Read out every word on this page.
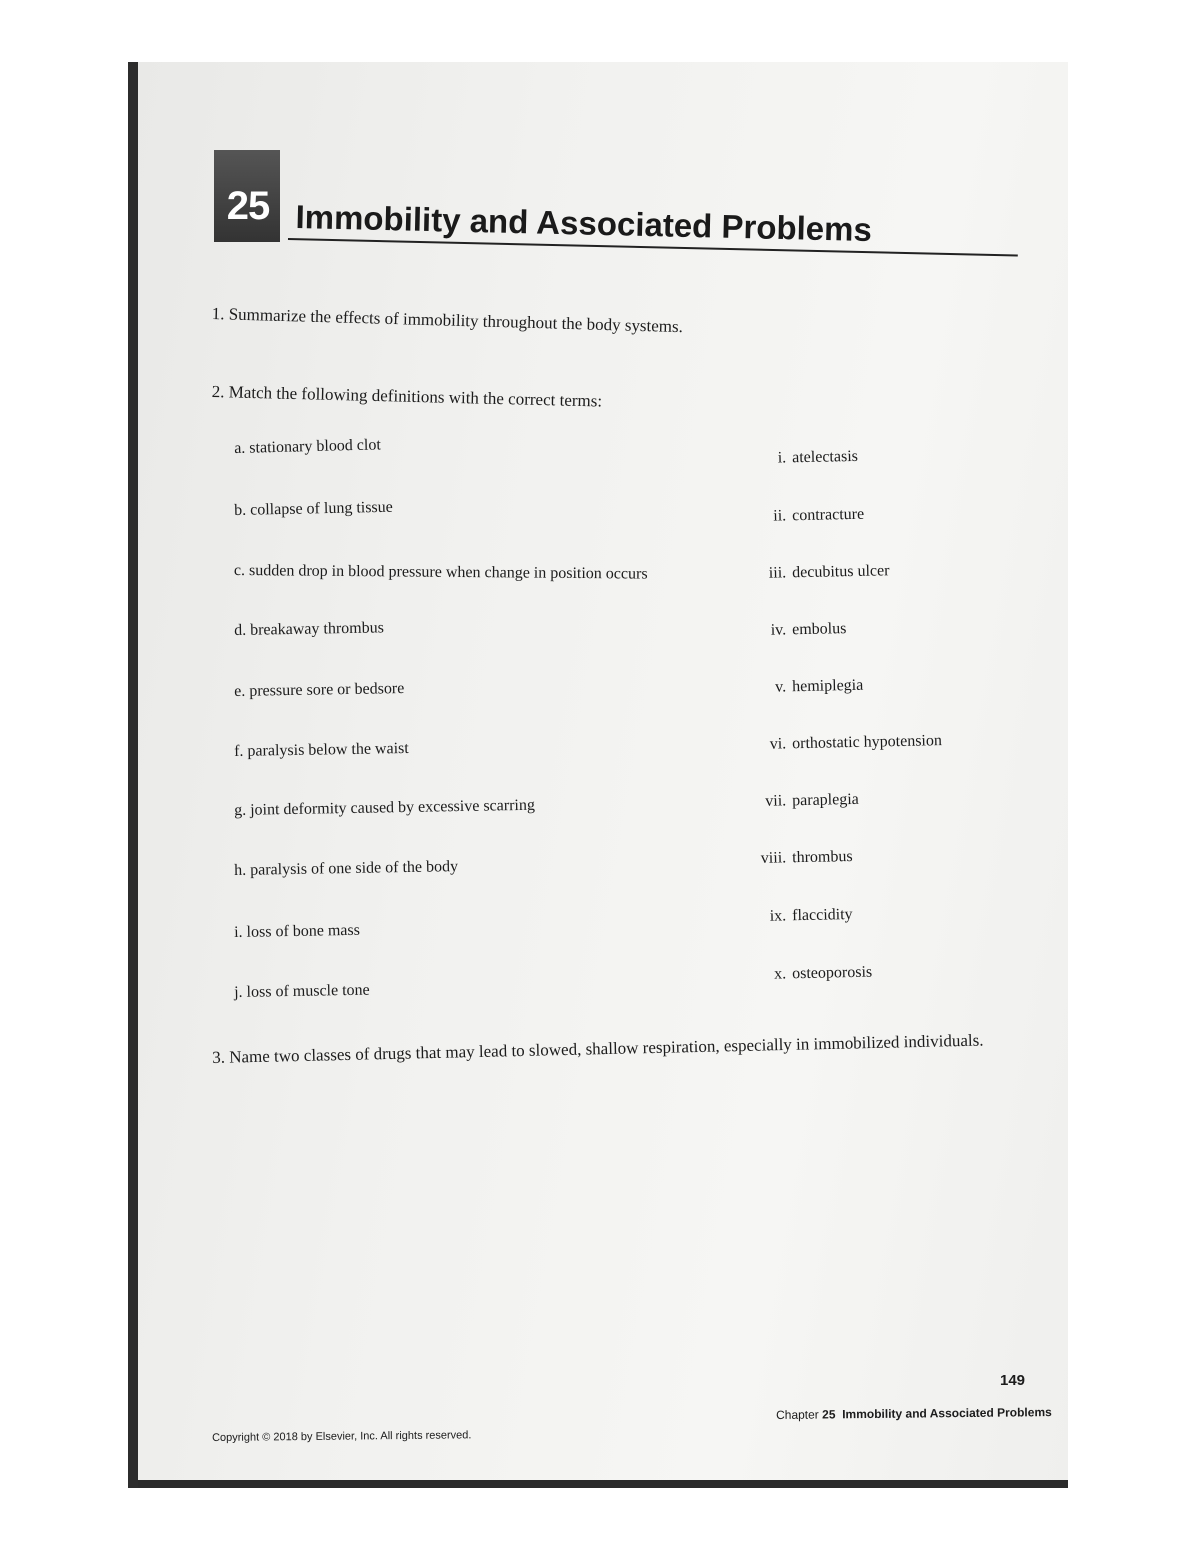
25 Immobility and Associated Problems
1. Summarize the effects of immobility throughout the body systems.
2. Match the following definitions with the correct terms:
a. stationary blood clot
b. collapse of lung tissue
c. sudden drop in blood pressure when change in position occurs
d. breakaway thrombus
e. pressure sore or bedsore
f. paralysis below the waist
g. joint deformity caused by excessive scarring
h. paralysis of one side of the body
i. loss of bone mass
j. loss of muscle tone
i. atelectasis
ii. contracture
iii. decubitus ulcer
iv. embolus
v. hemiplegia
vi. orthostatic hypotension
vii. paraplegia
viii. thrombus
ix. flaccidity
x. osteoporosis
3. Name two classes of drugs that may lead to slowed, shallow respiration, especially in immobilized individuals.
149
Chapter 25 Immobility and Associated Problems
Copyright © 2018 by Elsevier, Inc. All rights reserved.
